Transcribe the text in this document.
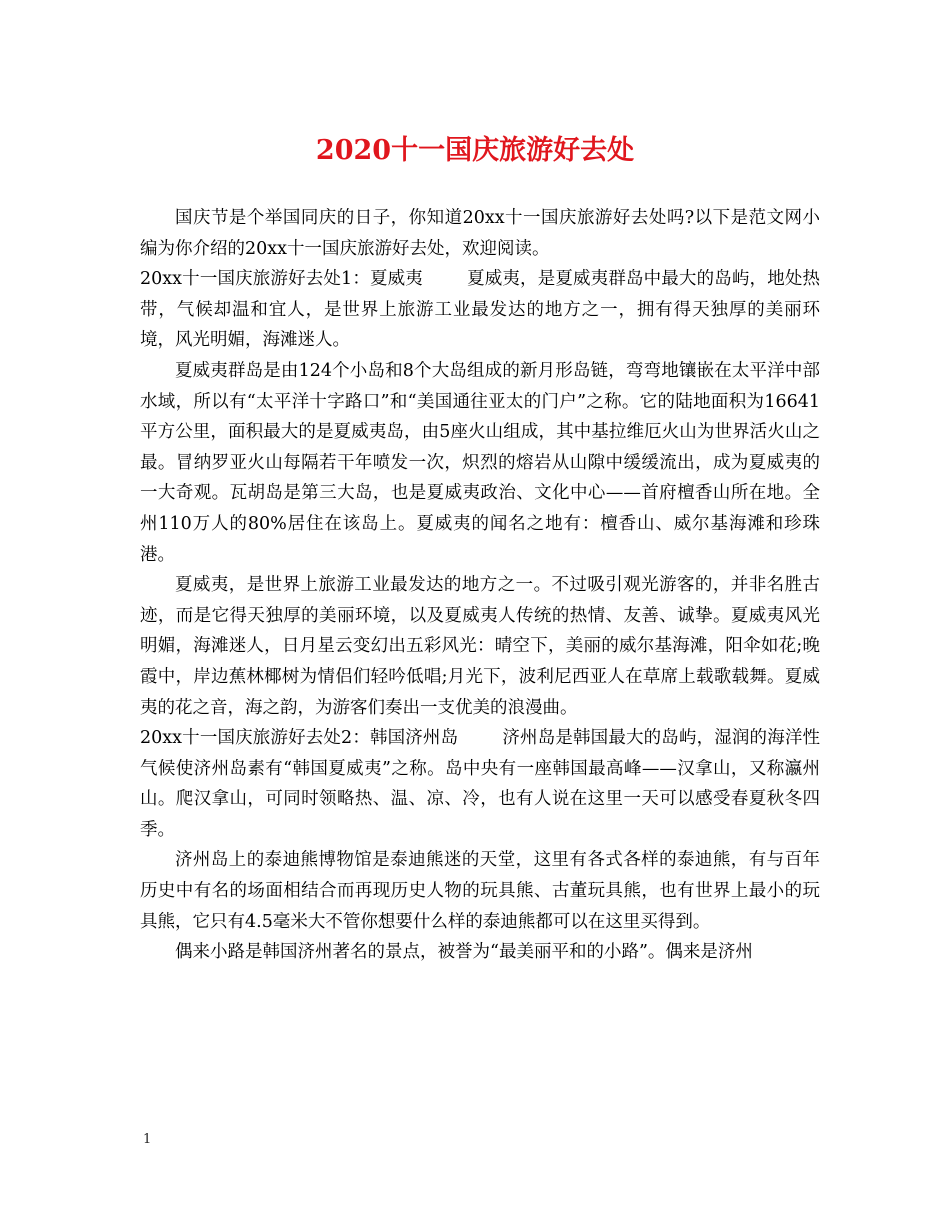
2020十一国庆旅游好去处

国庆节是个举国同庆的日子，你知道20xx十一国庆旅游好去处吗?以下是范文网小编为你介绍的20xx十一国庆旅游好去处，欢迎阅读。

20xx十一国庆旅游好去处1：夏威夷	夏威夷，是夏威夷群岛中最大的岛屿，地处热带，气候却温和宜人，是世界上旅游工业最发达的地方之一，拥有得天独厚的美丽环境，风光明媚，海滩迷人。

夏威夷群岛是由124个小岛和8个大岛组成的新月形岛链，弯弯地镶嵌在太平洋中部水域，所以有“太平洋十字路口”和“美国通往亚太的门户”之称。它的陆地面积为16641平方公里，面积最大的是夏威夷岛，由5座火山组成，其中基拉维厄火山为世界活火山之最。冒纳罗亚火山每隔若干年喷发一次，炽烈的熔岩从山隙中缓缓流出，成为夏威夷的一大奇观。瓦胡岛是第三大岛，也是夏威夷政治、文化中心——首府檀香山所在地。全州110万人的80%居住在该岛上。夏威夷的闻名之地有：檀香山、威尔基海滩和珍珠港。

夏威夷，是世界上旅游工业最发达的地方之一。不过吸引观光游客的，并非名胜古迹，而是它得天独厚的美丽环境，以及夏威夷人传统的热情、友善、诚挚。夏威夷风光明媚，海滩迷人，日月星云变幻出五彩风光：晴空下，美丽的威尔基海滩，阳伞如花;晚霞中，岸边蕉林椰树为情侣们轻吟低唱;月光下，波利尼西亚人在草席上载歌载舞。夏威夷的花之音，海之韵，为游客们奏出一支优美的浪漫曲。

20xx十一国庆旅游好去处2：韩国济州岛	济州岛是韩国最大的岛屿，湿润的海洋性气候使济州岛素有“韩国夏威夷”之称。岛中央有一座韩国最高峰——汉拿山，又称瀛州山。爬汉拿山，可同时领略热、温、凉、冷，也有人说在这里一天可以感受春夏秋冬四季。

济州岛上的泰迪熊博物馆是泰迪熊迷的天堂，这里有各式各样的泰迪熊，有与百年历史中有名的场面相结合而再现历史人物的玩具熊、古董玩具熊，也有世界上最小的玩具熊，它只有4.5毫米大不管你想要什么样的泰迪熊都可以在这里买得到。

偶来小路是韩国济州著名的景点，被誉为“最美丽平和的小路”。偶来是济州

1
